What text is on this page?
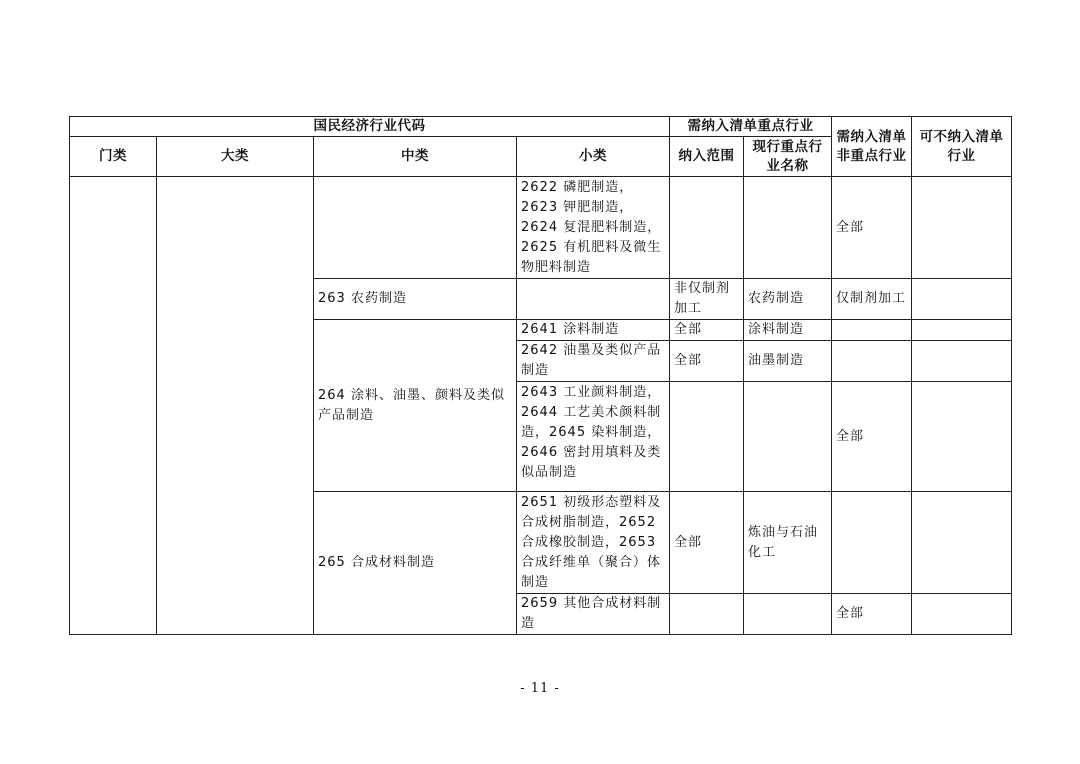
国民经济行业代码				需纳入清单重点行业		需纳入清单非重点行业	可不纳入清单行业
门类	大类	中类	小类	纳入范围	现行重点行业名称		
			2622 磷肥制造，2623 钾肥制造，2624 复混肥料制造，2625 有机肥料及微生物肥料制造			全部	
		263 农药制造		非仅制剂加工	农药制造	仅制剂加工	
		264 涂料、油墨、颜料及类似产品制造	2641 涂料制造	全部	涂料制造		
			2642 油墨及类似产品制造	全部	油墨制造		
			2643 工业颜料制造，2644 工艺美术颜料制造，2645 染料制造，2646 密封用填料及类似品制造			全部	
		265 合成材料制造	2651 初级形态塑料及合成树脂制造，2652 合成橡胶制造，2653 合成纤维单（聚合）体制造	全部	炼油与石油化工		
			2659 其他合成材料制造			全部	
- 11 -
